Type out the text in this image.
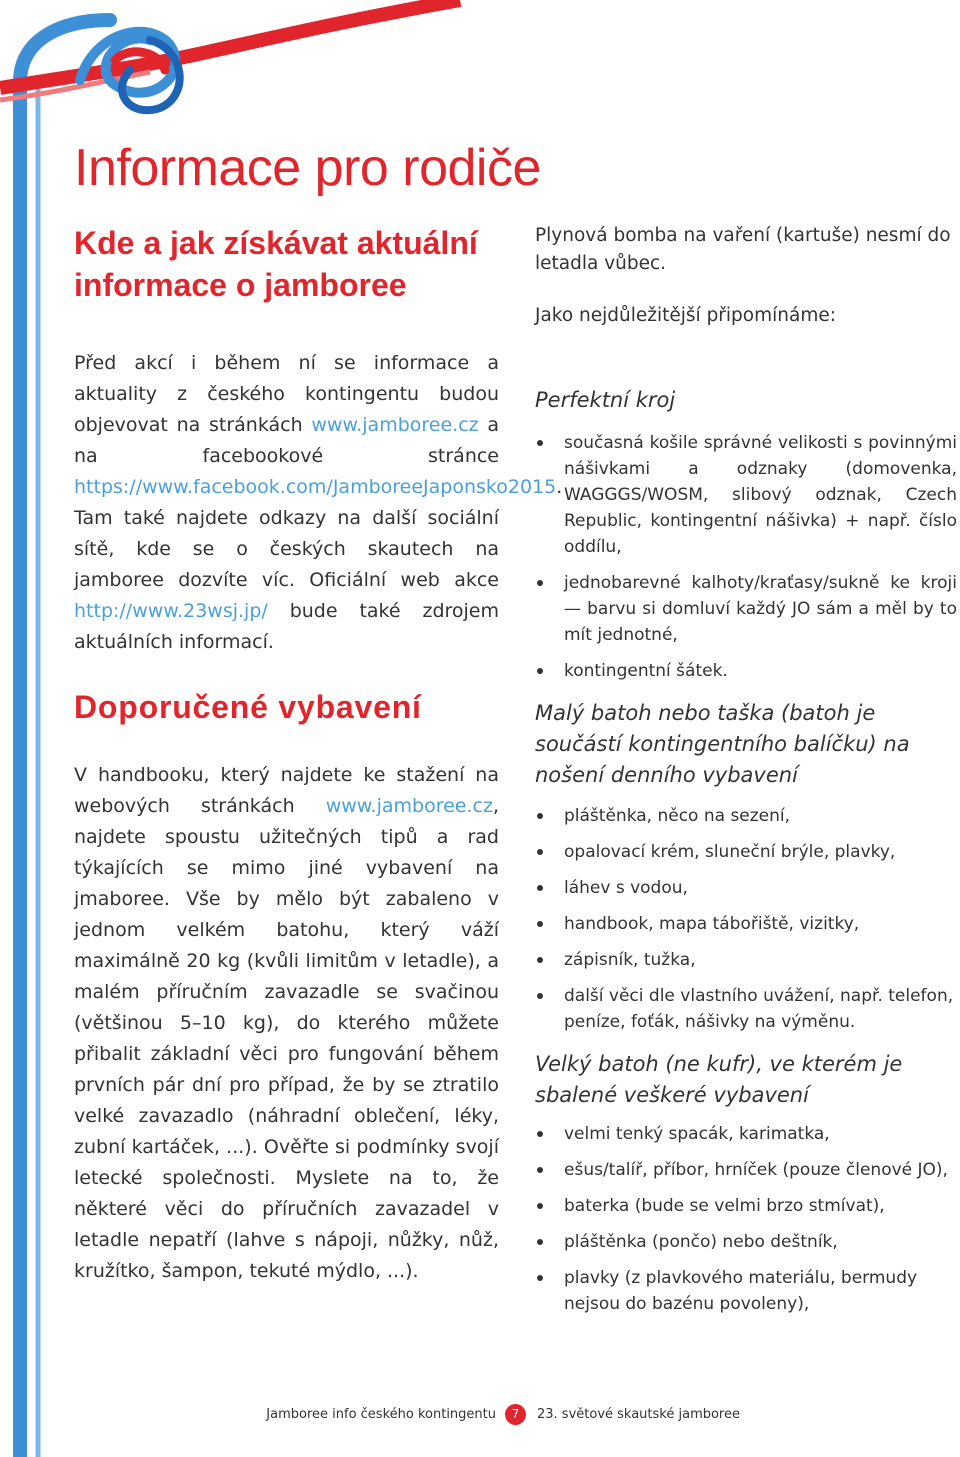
Informace pro rodiče
Kde a jak získávat aktuální informace o jamboree

Před akcí i během ní se informace a aktuality z českého kontingentu budou objevovat na stránkách www.jamboree.cz a na facebookové stránce https://www.facebook.com/JamboreeJaponsko2015. Tam také najdete odkazy na další sociální sítě, kde se o českých skautech na jamboree dozvíte víc. Oficiální web akce http://www.23wsj.jp/ bude také zdrojem aktuálních informací.

Doporučené vybavení

V handbooku, který najdete ke stažení na webových stránkách www.jamboree.cz, najdete spoustu užitečných tipů a rad týkajících se mimo jiné vybavení na jmaboree. Vše by mělo být zabaleno v jednom velkém batohu, který váží maximálně 20 kg (kvůli limitům v letadle), a malém příručním zavazadle se svačinou (většinou 5–10 kg), do kterého můžete přibalit základní věci pro fungování během prvních pár dní pro případ, že by se ztratilo velké zavazadlo (náhradní oblečení, léky, zubní kartáček, ...). Ověřte si podmínky svojí letecké společnosti. Myslete na to, že některé věci do příručních zavazadel v letadle nepatří (lahve s nápoji, nůžky, nůž, kružítko, šampon, tekuté mýdlo, ...).

Plynová bomba na vaření (kartuše) nesmí do letadla vůbec.

Jako nejdůležitější připomínáme:

Perfektní kroj
současná košile správné velikosti s povinnými nášivkami a odznaky (domovenka, WAGGGS/WOSM, slibový odznak, Czech Republic, kontingentní nášivka) + např. číslo oddílu,
jednobarevné kalhoty/kraťasy/sukně ke kroji — barvu si domluví každý JO sám a měl by to mít jednotné,
kontingentní šátek.
Malý batoh nebo taška (batoh je součástí kontingentního balíčku) na nošení denního vybavení
pláštěnka, něco na sezení,
opalovací krém, sluneční brýle, plavky,
láhev s vodou,
handbook, mapa tábořiště, vizitky,
zápisník, tužka,
další věci dle vlastního uvážení, např. telefon, peníze, foťák, nášivky na výměnu.
Velký batoh (ne kufr), ve kterém je sbalené veškeré vybavení
velmi tenký spacák, karimatka,
ešus/talíř, příbor, hrníček (pouze členové JO),
baterka (bude se velmi brzo stmívat),
pláštěnka (pončo) nebo deštník,
plavky (z plavkového materiálu, bermudy nejsou do bazénu povoleny),
Jamboree info českého kontingentu	7	23. světové skautské jamboree
